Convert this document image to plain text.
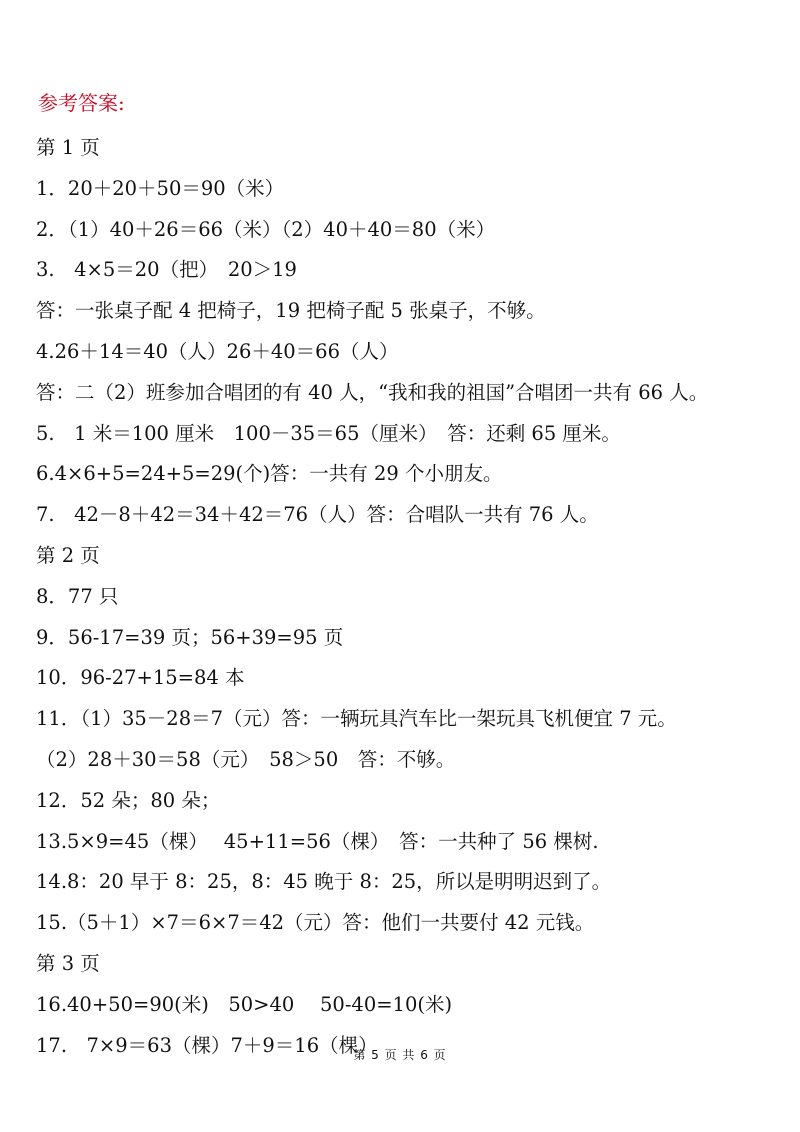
参考答案:
第 1 页
1．20＋20＋50＝90（米）
2．（1）40＋26＝66（米）（2）40＋40＝80（米）
3.　4×5＝20（把）　20＞19
答：一张桌子配 4 把椅子，19 把椅子配 5 张桌子，不够。
4.26＋14＝40（人）26＋40＝66（人）
答：二（2）班参加合唱团的有 40 人，“我和我的祖国”合唱团一共有 66 人。
5.　1 米＝100 厘米　100－35＝65（厘米）　答：还剩 65 厘米。
6.4×6+5=24+5=29(个)答：一共有 29 个小朋友。
7.　42－8＋42＝34＋42＝76（人）答：合唱队一共有 76 人。
第 2 页
8．77 只
9．56-17=39 页；56+39=95 页
10．96-27+15=84 本
11．（1）35－28＝7（元）答：一辆玩具汽车比一架玩具飞机便宜 7 元。
（2）28＋30＝58（元）　58＞50　答：不够。
12．52 朵；80 朵；
13.5×9=45（棵）　 45+11=56（棵）　答：一共种了 56 棵树.
14.8：20 早于 8：25，8：45 晚于 8：25，所以是明明迟到了。
15.（5＋1）×7＝6×7＝42（元）答：他们一共要付 42 元钱。
第 3 页
16.40+50=90(米)　50>40　 50-40=10(米)
17.　7×9＝63（棵）7＋9＝16（棵）
第 5 页 共 6 页
